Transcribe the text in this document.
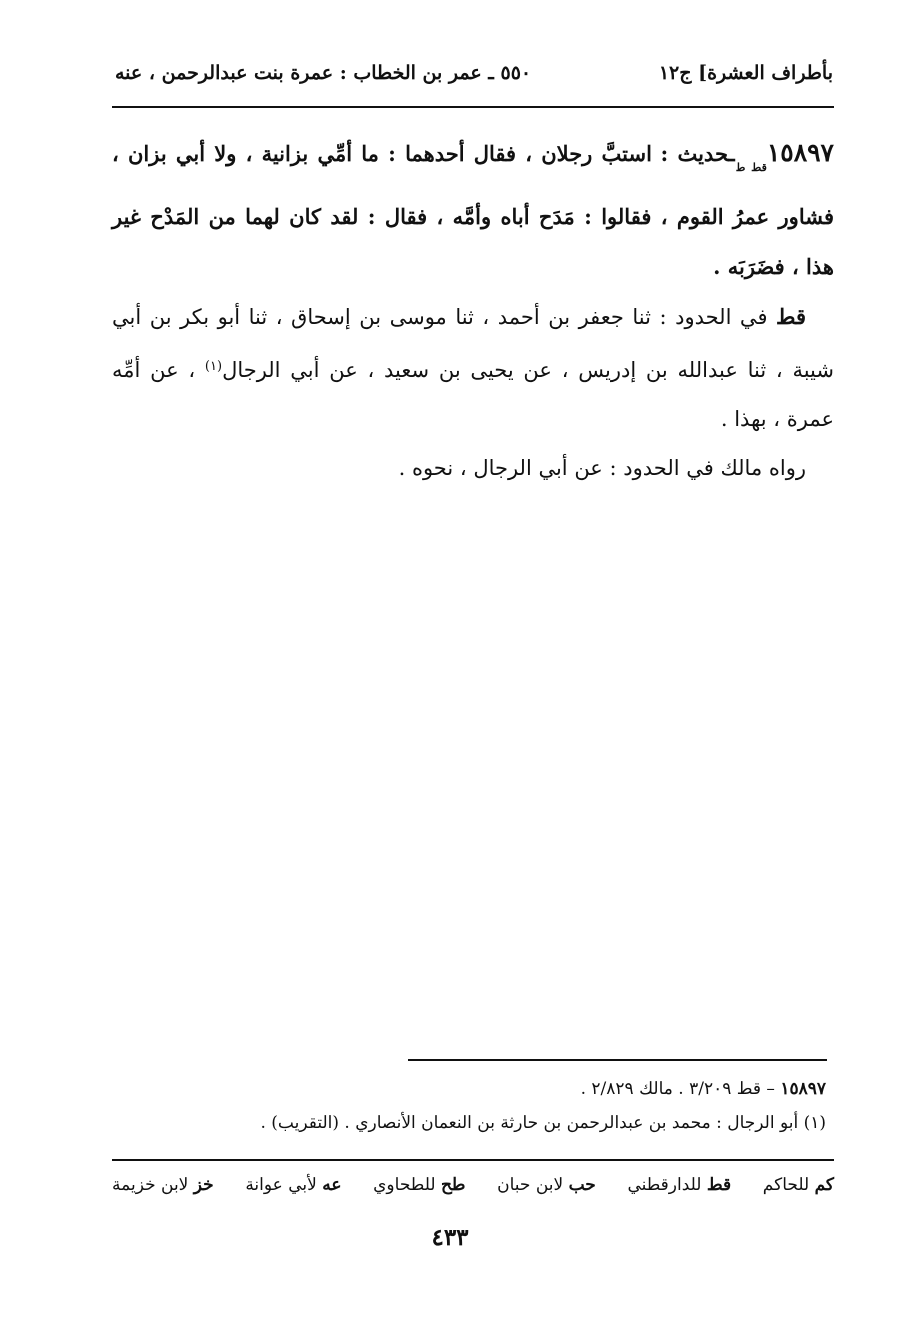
بأطراف العشرة] ج١٢
٥٥٠ ـ عمر بن الخطاب : عمرة بنت عبدالرحمن ، عنه

$١٥٨٩٧_{قط ط}ـحديث$ : استبَّ رجلان ، فقال أحدهما : ما أمِّي بزانية ، ولا أبي بزان ، فشاور عمرُ القوم ، فقالوا : مَدَح أباه وأمَّه ، فقال : لقد كان لهما من المَدْح غير هذا ، فضَرَبَه .

قط في الحدود : ثنا جعفر بن أحمد ، ثنا موسى بن إسحاق ، ثنا أبو بكر بن أبي شيبة ، ثنا عبدالله بن إدريس ، عن يحيى بن سعيد ، عن أبي الرجال$^{(١)}$ ، عن أمِّه عمرة ، بهذا .

رواه مالك في الحدود : عن أبي الرجال ، نحوه .

١٥٨٩٧ – قط ٣/٢٠٩ . مالك ٢/٨٢٩ .

(١) أبو الرجال : محمد بن عبدالرحمن بن حارثة بن النعمان الأنصاري . (التقريب) .

خز لابن خزيمة	عه لأبي عوانة	طح للطحاوي	حب لابن حبان	قط للدارقطني	كم للحاكم
٤٣٣
